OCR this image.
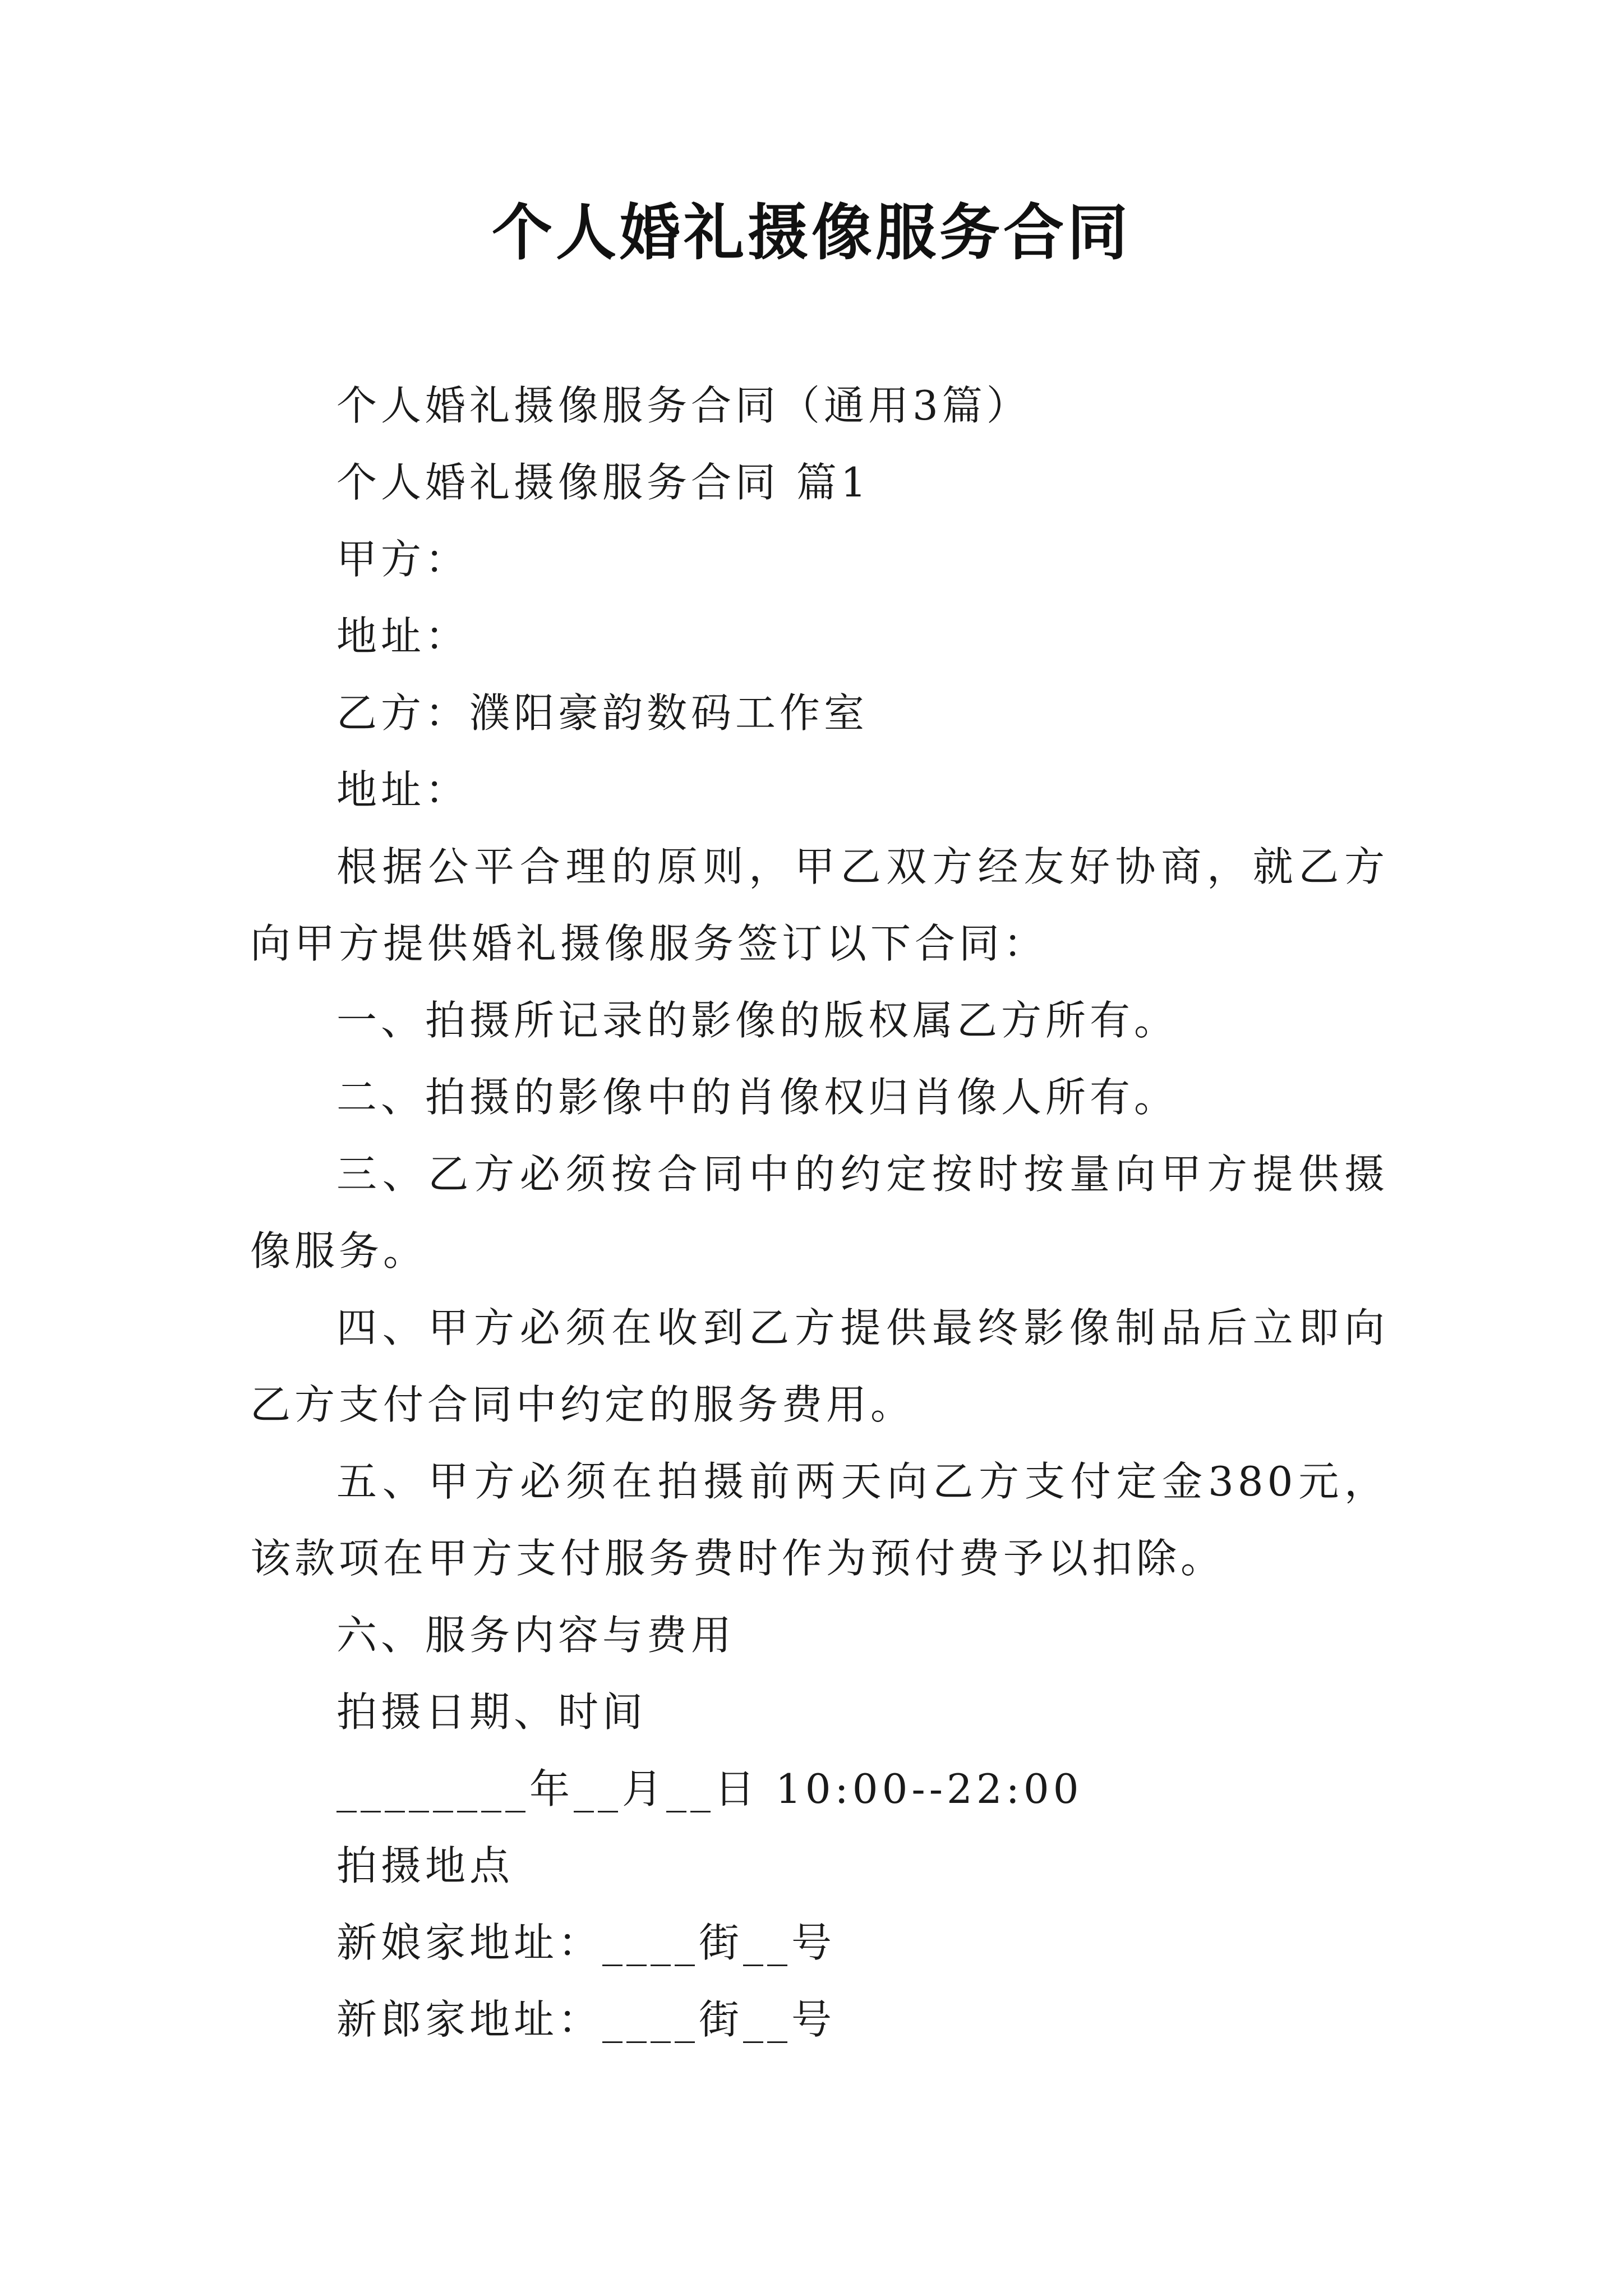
个人婚礼摄像服务合同

个人婚礼摄像服务合同（通用3篇）

个人婚礼摄像服务合同 篇1

甲方：

地址：

乙方：濮阳豪韵数码工作室

地址：

根据公平合理的原则，甲乙双方经友好协商，就乙方向甲方提供婚礼摄像服务签订以下合同：

一、拍摄所记录的影像的版权属乙方所有。

二、拍摄的影像中的肖像权归肖像人所有。

三、乙方必须按合同中的约定按时按量向甲方提供摄像服务。

四、甲方必须在收到乙方提供最终影像制品后立即向乙方支付合同中约定的服务费用。

五、甲方必须在拍摄前两天向乙方支付定金380元，该款项在甲方支付服务费时作为预付费予以扣除。

六、服务内容与费用

拍摄日期、时间

________年__月__日 10:00--22:00

拍摄地点

新娘家地址：____街__号

新郎家地址：____街__号
